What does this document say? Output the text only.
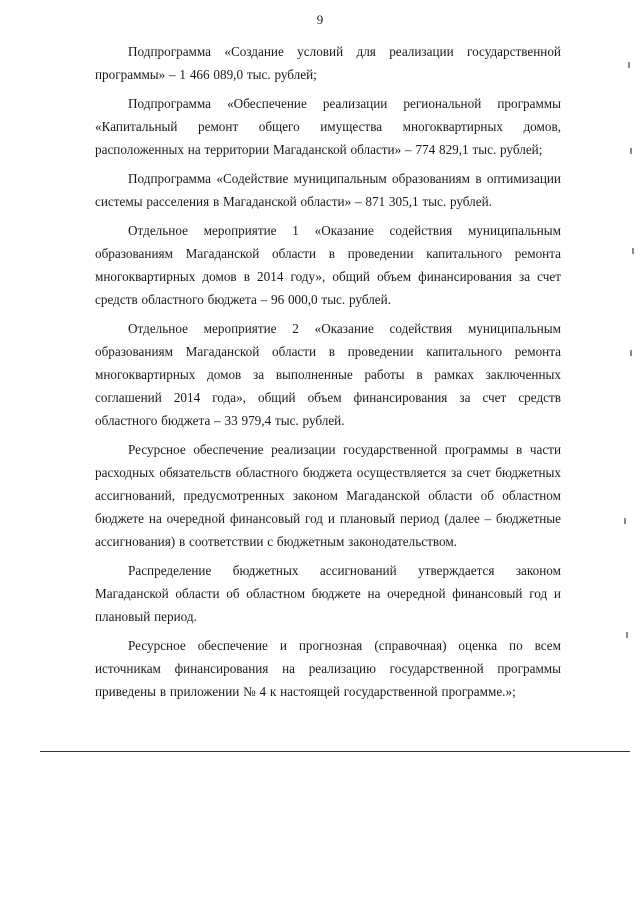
9

Подпрограмма «Создание условий для реализации государственной программы» – 1 466 089,0 тыс. рублей;

Подпрограмма «Обеспечение реализации региональной программы «Капитальный ремонт общего имущества многоквартирных домов, расположенных на территории Магаданской области» – 774 829,1 тыс. рублей;

Подпрограмма «Содействие муниципальным образованиям в оптимизации системы расселения в Магаданской области» – 871 305,1 тыс. рублей.

Отдельное мероприятие 1 «Оказание содействия муниципальным образованиям Магаданской области в проведении капитального ремонта многоквартирных домов в 2014 году», общий объем финансирования за счет средств областного бюджета – 96 000,0 тыс. рублей.

Отдельное мероприятие 2 «Оказание содействия муниципальным образованиям Магаданской области в проведении капитального ремонта многоквартирных домов за выполненные работы в рамках заключенных соглашений 2014 года», общий объем финансирования за счет средств областного бюджета – 33 979,4 тыс. рублей.

Ресурсное обеспечение реализации государственной программы в части расходных обязательств областного бюджета осуществляется за счет бюджетных ассигнований, предусмотренных законом Магаданской области об областном бюджете на очередной финансовый год и плановый период (далее – бюджетные ассигнования) в соответствии с бюджетным законодательством.

Распределение бюджетных ассигнований утверждается законом Магаданской области об областном бюджете на очередной финансовый год и плановый период.

Ресурсное обеспечение и прогнозная (справочная) оценка по всем источникам финансирования на реализацию государственной программы приведены в приложении № 4 к настоящей государственной программе.»;
